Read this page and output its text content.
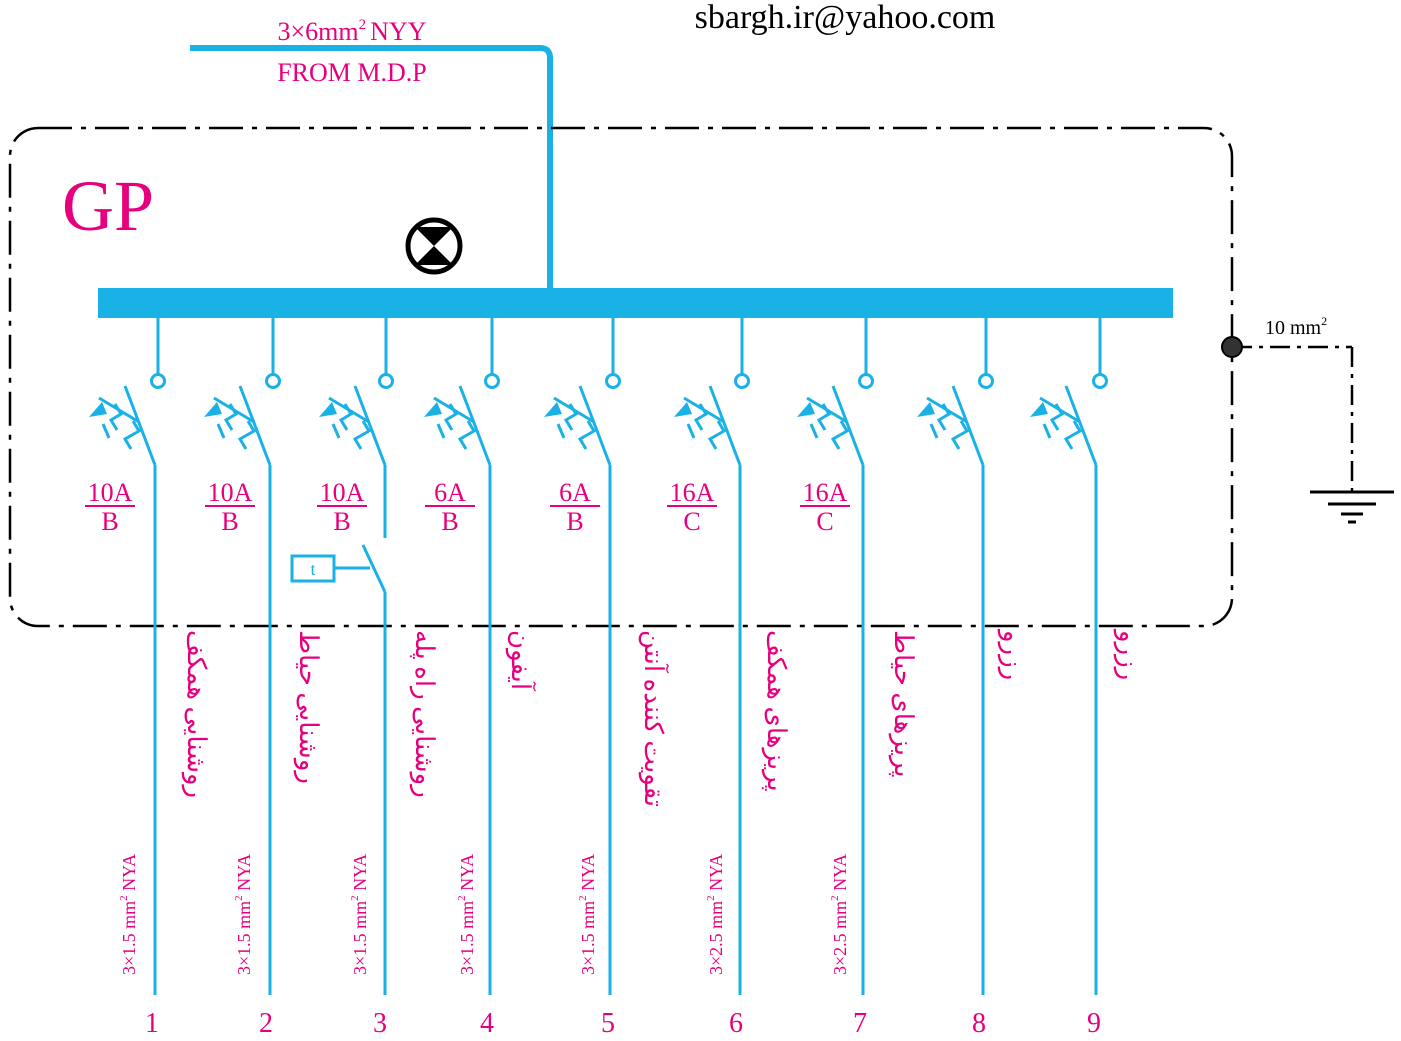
sbargh.ir@yahoo.com
$3\times 6mm^2$ NYY
FROM M.D.P
GP
10 $mm^2$
10A
B
3×1.5 $mm^2$ NYA
روشنایی همکف
1
10A
B
3×1.5 $mm^2$ NYA
روشنایی حیاط
2
t
10A
B
3×1.5 $mm^2$ NYA
روشنایی راه پله
3
6A
B
3×1.5 $mm^2$ NYA
آیفون
4
6A
B
3×1.5 $mm^2$ NYA
تقویت کننده آنتن
5
16A
C
3×2.5 $mm^2$ NYA
پریزهای همکف
6
16A
C
3×2.5 $mm^2$ NYA
پریزهای حیاط
7
رزرو
8
رزرو
9
